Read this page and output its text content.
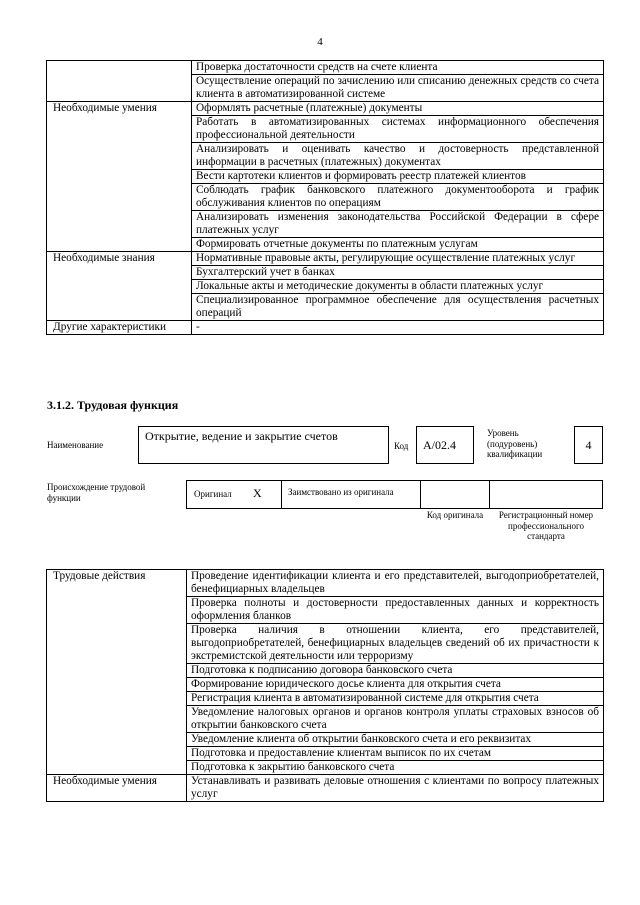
4
	Проверка достаточности средств на счете клиента
	Осуществление операций по зачислению или списанию денежных средств со счета клиента в автоматизированной системе
Необходимые умения	Оформлять расчетные (платежные) документы
	Работать в автоматизированных системах информационного обеспечения профессиональной деятельности
	Анализировать и оценивать качество и достоверность представленной информации в расчетных (платежных) документах
	Вести картотеки клиентов и формировать реестр платежей клиентов
	Соблюдать график банковского платежного документооборота и график обслуживания клиентов по операциям
	Анализировать изменения законодательства Российской Федерации в сфере платежных услуг
	Формировать отчетные документы по платежным услугам
Необходимые знания	Нормативные правовые акты, регулирующие осуществление платежных услуг
	Бухгалтерский учет в банках
	Локальные акты и методические документы в области платежных услуг
	Специализированное программное обеспечение для осуществления расчетных операций
Другие характеристики	-
3.1.2. Трудовая функция
Наименование
Открытие, ведение и закрытие счетов
Код	А/02.4
Уровень (подуровень) квалификации
4
Происхождение трудовой функции	Оригинал X	Заимствовано из оригинала
Код оригинала	Регистрационный номер профессионального стандарта
Трудовые действия	Проведение идентификации клиента и его представителей, выгодоприобретателей, бенефициарных владельцев
	Проверка полноты и достоверности предоставленных данных и корректность оформления бланков
	Проверка наличия в отношении клиента, его представителей, выгодоприобретателей, бенефициарных владельцев сведений об их причастности к экстремистской деятельности или терроризму
	Подготовка к подписанию договора банковского счета
	Формирование юридического досье клиента для открытия счета
	Регистрация клиента в автоматизированной системе для открытия счета
	Уведомление налоговых органов и органов контроля уплаты страховых взносов об открытии банковского счета
	Уведомление клиента об открытии банковского счета и его реквизитах
	Подготовка и предоставление клиентам выписок по их счетам
	Подготовка к закрытию банковского счета
Необходимые умения	Устанавливать и развивать деловые отношения с клиентами по вопросу платежных услуг
